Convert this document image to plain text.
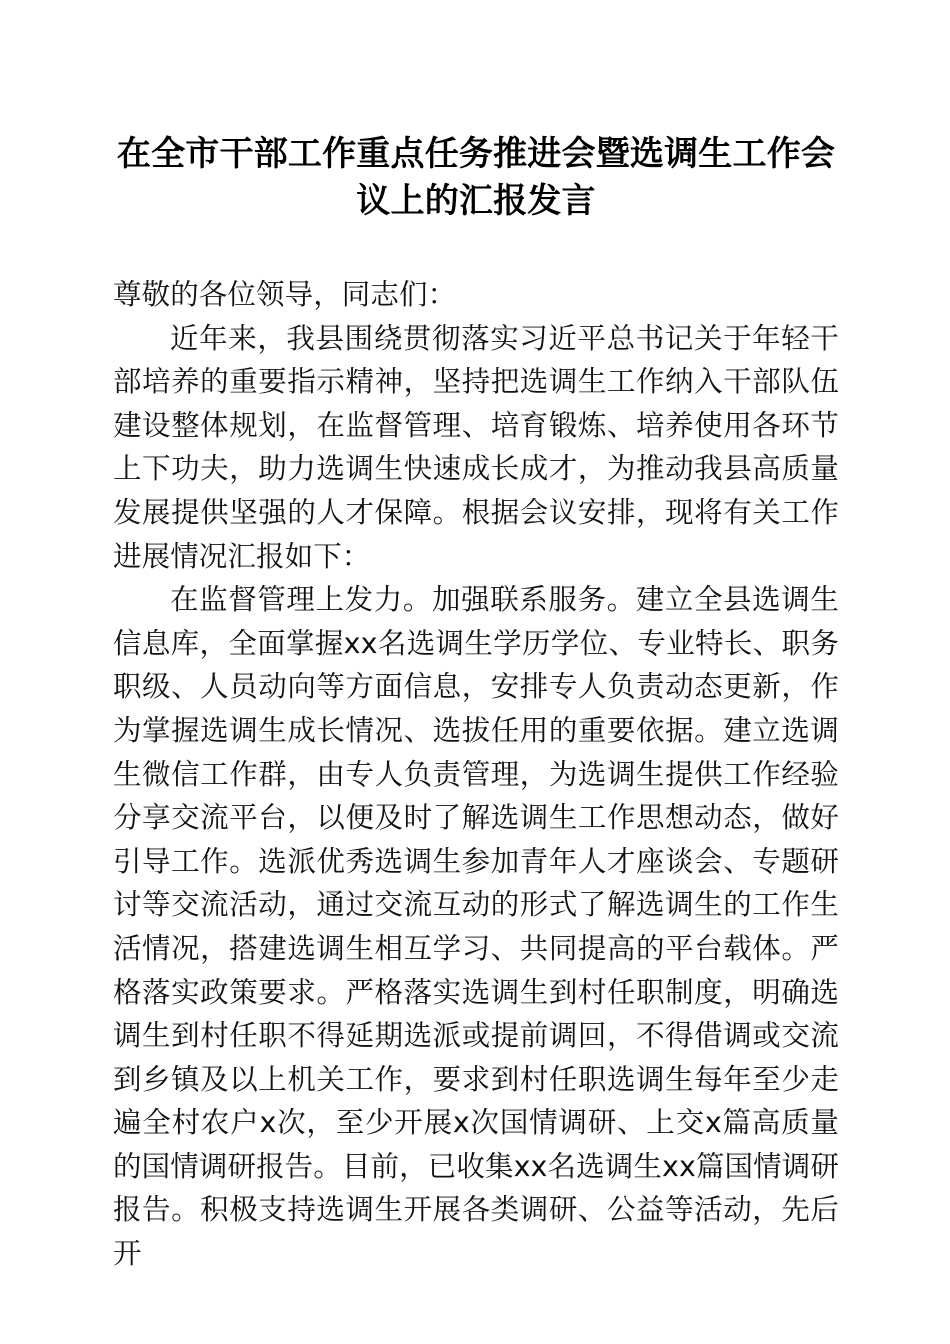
在全市干部工作重点任务推进会暨选调生工作会议上的汇报发言

尊敬的各位领导，同志们：

近年来，我县围绕贯彻落实习近平总书记关于年轻干部培养的重要指示精神，坚持把选调生工作纳入干部队伍建设整体规划，在监督管理、培育锻炼、培养使用各环节上下功夫，助力选调生快速成长成才，为推动我县高质量发展提供坚强的人才保障。根据会议安排，现将有关工作进展情况汇报如下：

在监督管理上发力。加强联系服务。建立全县选调生信息库，全面掌握xx名选调生学历学位、专业特长、职务职级、人员动向等方面信息，安排专人负责动态更新，作为掌握选调生成长情况、选拔任用的重要依据。建立选调生微信工作群，由专人负责管理，为选调生提供工作经验分享交流平台，以便及时了解选调生工作思想动态，做好引导工作。选派优秀选调生参加青年人才座谈会、专题研讨等交流活动，通过交流互动的形式了解选调生的工作生活情况，搭建选调生相互学习、共同提高的平台载体。严格落实政策要求。严格落实选调生到村任职制度，明确选调生到村任职不得延期选派或提前调回，不得借调或交流到乡镇及以上机关工作，要求到村任职选调生每年至少走遍全村农户x次，至少开展x次国情调研、上交x篇高质量的国情调研报告。目前，已收集xx名选调生xx篇国情调研报告。积极支持选调生开展各类调研、公益等活动，先后开
